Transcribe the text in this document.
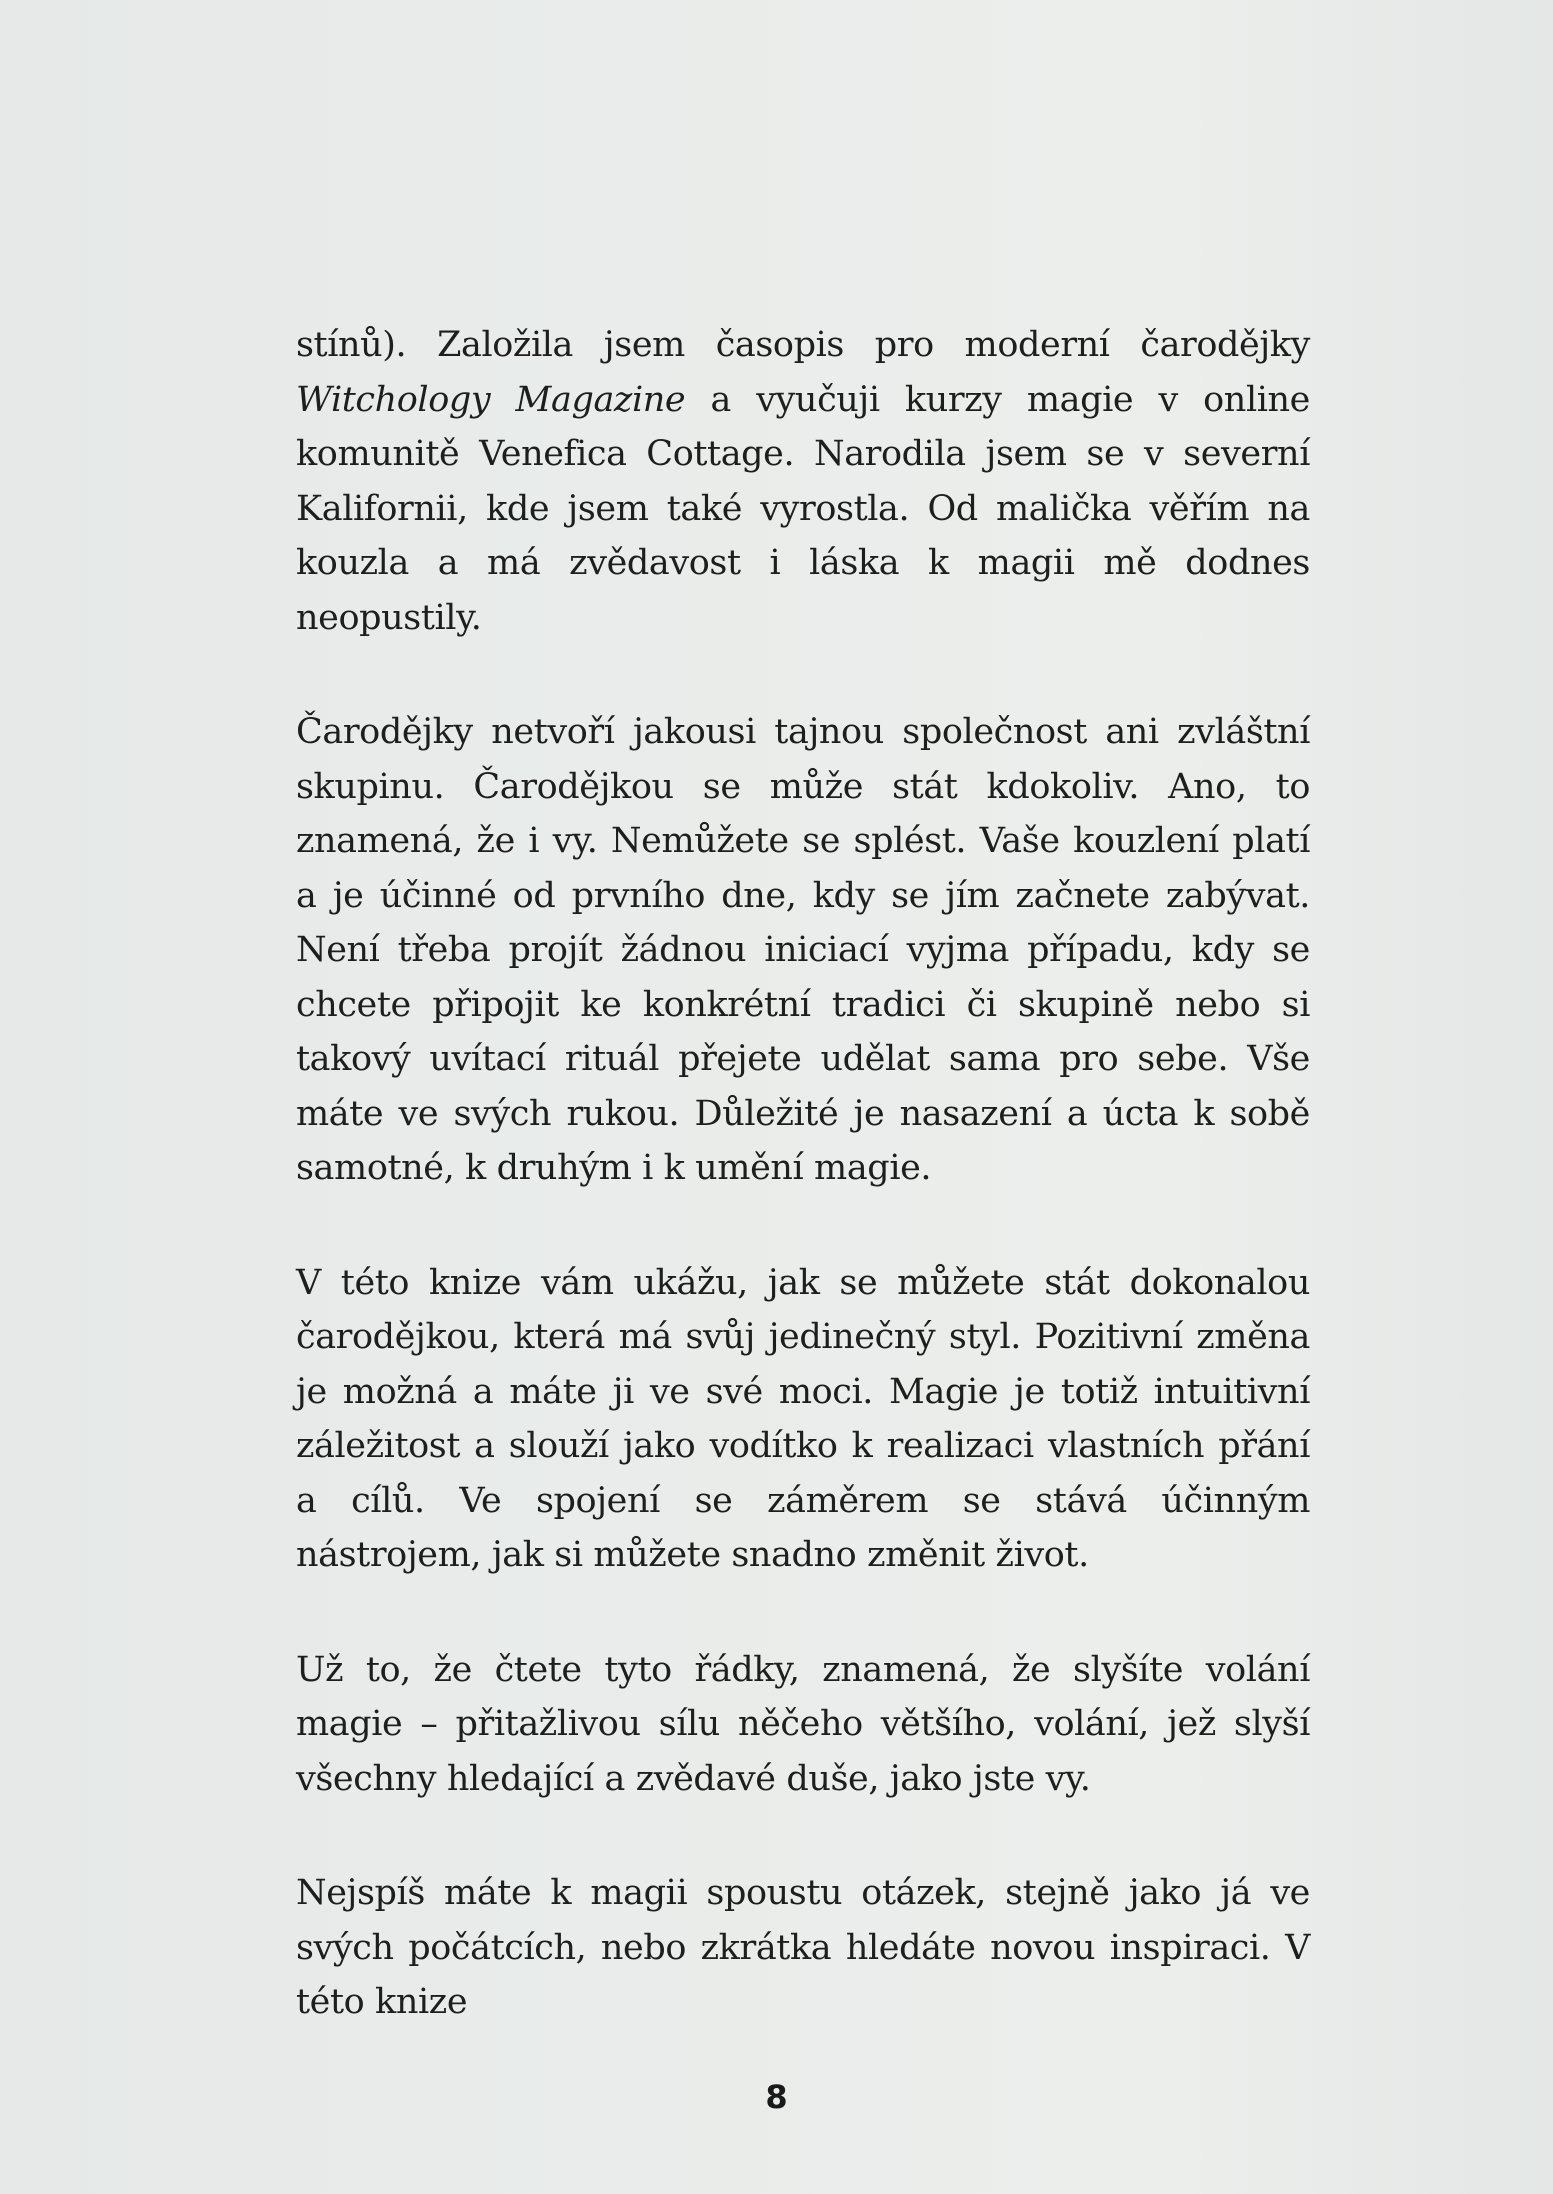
stínů). Založila jsem časopis pro moderní čarodějky Witchology Magazine a vyučuji kurzy magie v online komunitě Venefica Cottage. Narodila jsem se v severní Kalifornii, kde jsem také vyrostla. Od malička věřím na kouzla a má zvědavost i láska k magii mě dodnes neopustily.

Čarodějky netvoří jakousi tajnou společnost ani zvláštní skupinu. Čarodějkou se může stát kdokoliv. Ano, to znamená, že i vy. Nemůžete se splést. Vaše kouzlení platí a je účinné od prvního dne, kdy se jím začnete zabývat. Není třeba projít žádnou iniciací vyjma případu, kdy se chcete připojit ke konkrétní tradici či skupině nebo si takový uvítací rituál přejete udělat sama pro sebe. Vše máte ve svých rukou. Důležité je nasazení a úcta k sobě samotné, k druhým i k umění magie.

V této knize vám ukážu, jak se můžete stát dokonalou čarodějkou, která má svůj jedinečný styl. Pozitivní změna je možná a máte ji ve své moci. Magie je totiž intuitivní záležitost a slouží jako vodítko k realizaci vlastních přání a cílů. Ve spojení se záměrem se stává účinným nástrojem, jak si můžete snadno změnit život.

Už to, že čtete tyto řádky, znamená, že slyšíte volání magie – přitažlivou sílu něčeho většího, volání, jež slyší všechny hledající a zvědavé duše, jako jste vy.

Nejspíš máte k magii spoustu otázek, stejně jako já ve svých počátcích, nebo zkrátka hledáte novou inspiraci. V této knize

8
